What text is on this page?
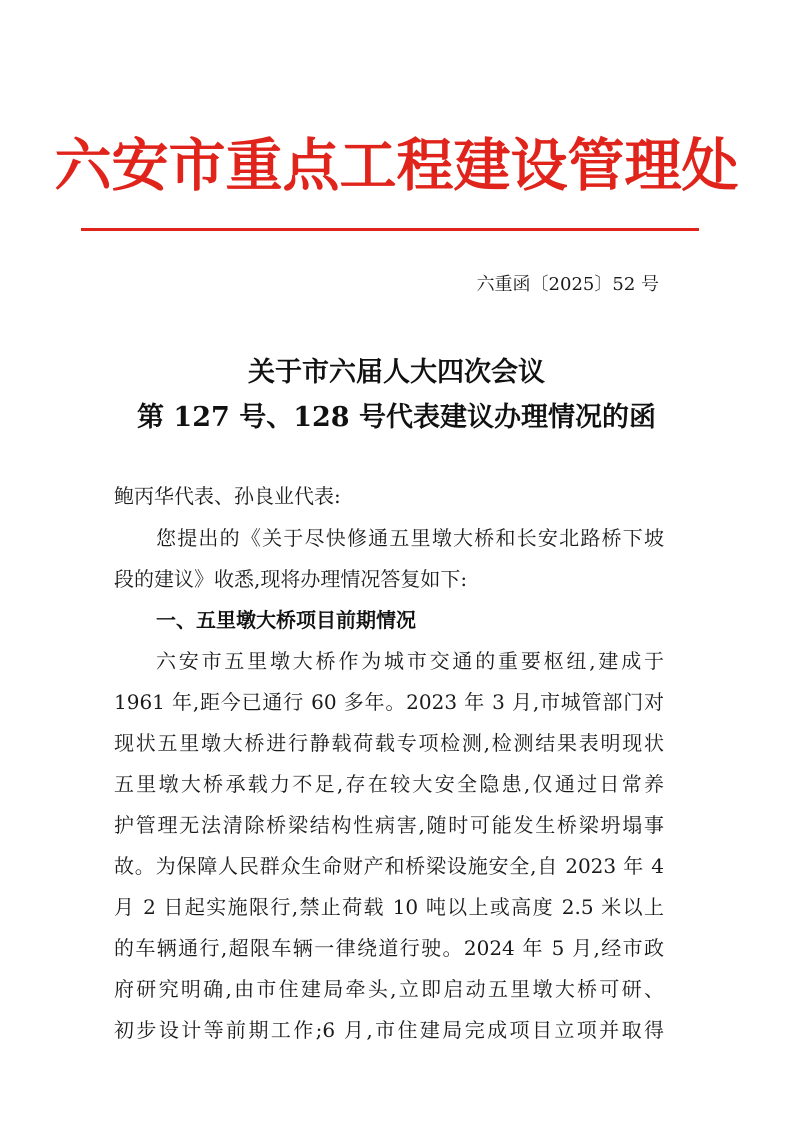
六安市重点工程建设管理处
六重函〔2025〕52 号
关于市六届人大四次会议
第 127 号、128 号代表建议办理情况的函
鲍丙华代表、孙良业代表:
您提出的《关于尽快修通五里墩大桥和长安北路桥下坡
段的建议》收悉,现将办理情况答复如下:
一、五里墩大桥项目前期情况
六安市五里墩大桥作为城市交通的重要枢纽,建成于
1961 年,距今已通行 60 多年。2023 年 3 月,市城管部门对
现状五里墩大桥进行静载荷载专项检测,检测结果表明现状
五里墩大桥承载力不足,存在较大安全隐患,仅通过日常养
护管理无法清除桥梁结构性病害,随时可能发生桥梁坍塌事
故。为保障人民群众生命财产和桥梁设施安全,自 2023 年 4
月 2 日起实施限行,禁止荷载 10 吨以上或高度 2.5 米以上
的车辆通行,超限车辆一律绕道行驶。2024 年 5 月,经市政
府研究明确,由市住建局牵头,立即启动五里墩大桥可研、
初步设计等前期工作;6 月,市住建局完成项目立项并取得
